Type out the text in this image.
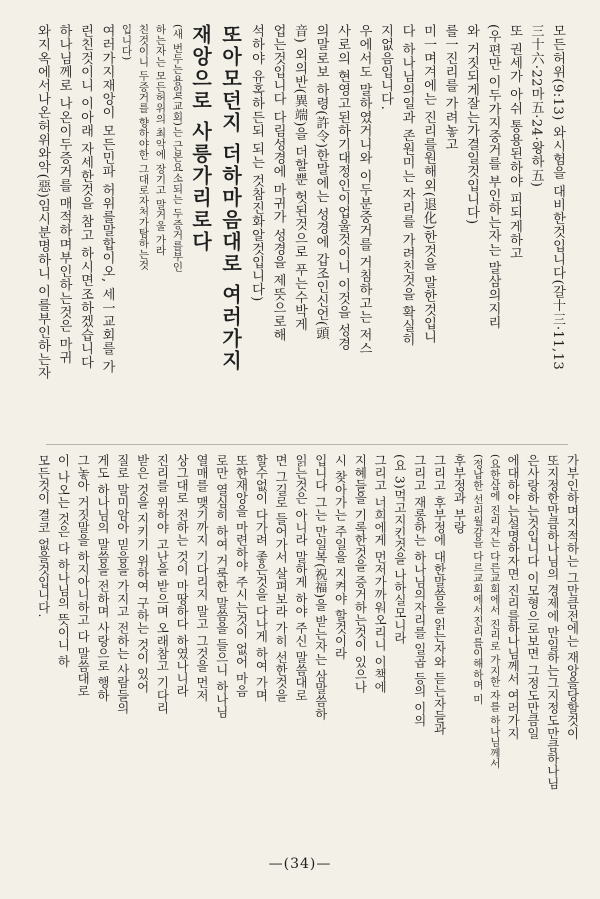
모든허위(9:13) 와시험을 대비한것입니다(갈十三·11,13
三十六·22마五·24·왕하五)
또 권세가 아쉬 통용된하야 피되게하고
(우편만 이두가지중거를 부인하는자는 말삼의지리
와 거짓되게잘는가결일것입니다)
를一진리를 가려놓고
미一며겨에는 진리를원해외(退化)한것을 말한것입니
다 하나님의일과 존원미는 자리를 가려친것을 확실히
지없음입니다.
우에서도 말하였거니와 이두분중거를 거침하고는 저스
사로의 현영고된하기대정인이업울것이니 이것을 성경
의말로보 하령(許令)한말에는 성경에 갑조인신언(頭
音) 외의반(異端)을 더할뿐 헛된것으로 푸는수박게
업는것입니다 다림성경에 마귀가 성경을 제뜻으로해
석하야 유혹하든되 되는 것참진화알것입니다)
또아모던지 더하마음대로 여러가지
재앙으로 사릉가리로다
(새 번두는용일(교회)는 근본요소되는 두증거를부인
하는자는 모든허위의 최악에 장기고 말거울 가라
친것이니 두증거를 향하야한 그대로자처가탐하는것
입니다)
여러가지재앙이 모든민파 허위를말합이오, 세一교회를 가
린친것이니 이아래 자세한것을 참고 하시면조하겠습니다
하나님께로 나온이두증거를 매적하며부인하는것은 마귀
와지옥에서나온허위와악(惡)임시분명하니 이를부인하는자
가부인하며지적하는 그만큼전에는 재앙을당할것이
또지정한만큼하나님의 경제에 만일하는그지정도만큼하나님
은사랑하는것입니다 이모형으로보면 그정도만큼일
에대하야는설명하자면 진리를하나님께서 여러가지
(요한삼에 진리자는 다른교회에서 진리로 가지한 자를 하나님께서
(정남한 선리월감을 다르교회에서진리를이해하며 미
후부정과 부랑
그리고 후부정에 대한말씀을 읽는자와 듣는자들과
그리고 재롱하는 하나님의자리를 일곱 등의 이의
(요 3)먹고지킨것을 나하실모니라
그리고 너희에게 먼저가까워오리니 이책에
지혜들을 기록한것을 증거하는것이 있으나
시 찾아가는 주일을 지켜야 할것이라
입니다 그는 만일복(祝福)을 받는자는 삼말씀하
읽는것은 아니라 말하게 하야 주신 말씀대로
면 그길로 들어가서 살펴보라 가히 선한것을
할수없이 다가려 좋은것을 다나게 하여 가며
또한재앙을 마련하야 주시는것이 없어 마음
로만 열심히 하여 거룩한 말씀을 들으니 하나님
열매를 맺기까지 기다리지 말고 그것을 먼저
상그대로 전하는 것이 마땅하다 하였나니라
진리를 위하야 고난을 받으며 오래참고 기다리
받은 것을 지키기 위하여 구하는 것이 있어
질로 말미암아 믿음을 가지고 전하는 사람들의
게도 하나님의 말씀을 전하며 사랑으로 행하
그놓아 거짓말을 하지아니하고 다 말씀대로
이 나오는 것은 다 하나님의 뜻이니 하
모든것이 결코 없을것입니다.
—(34)—
